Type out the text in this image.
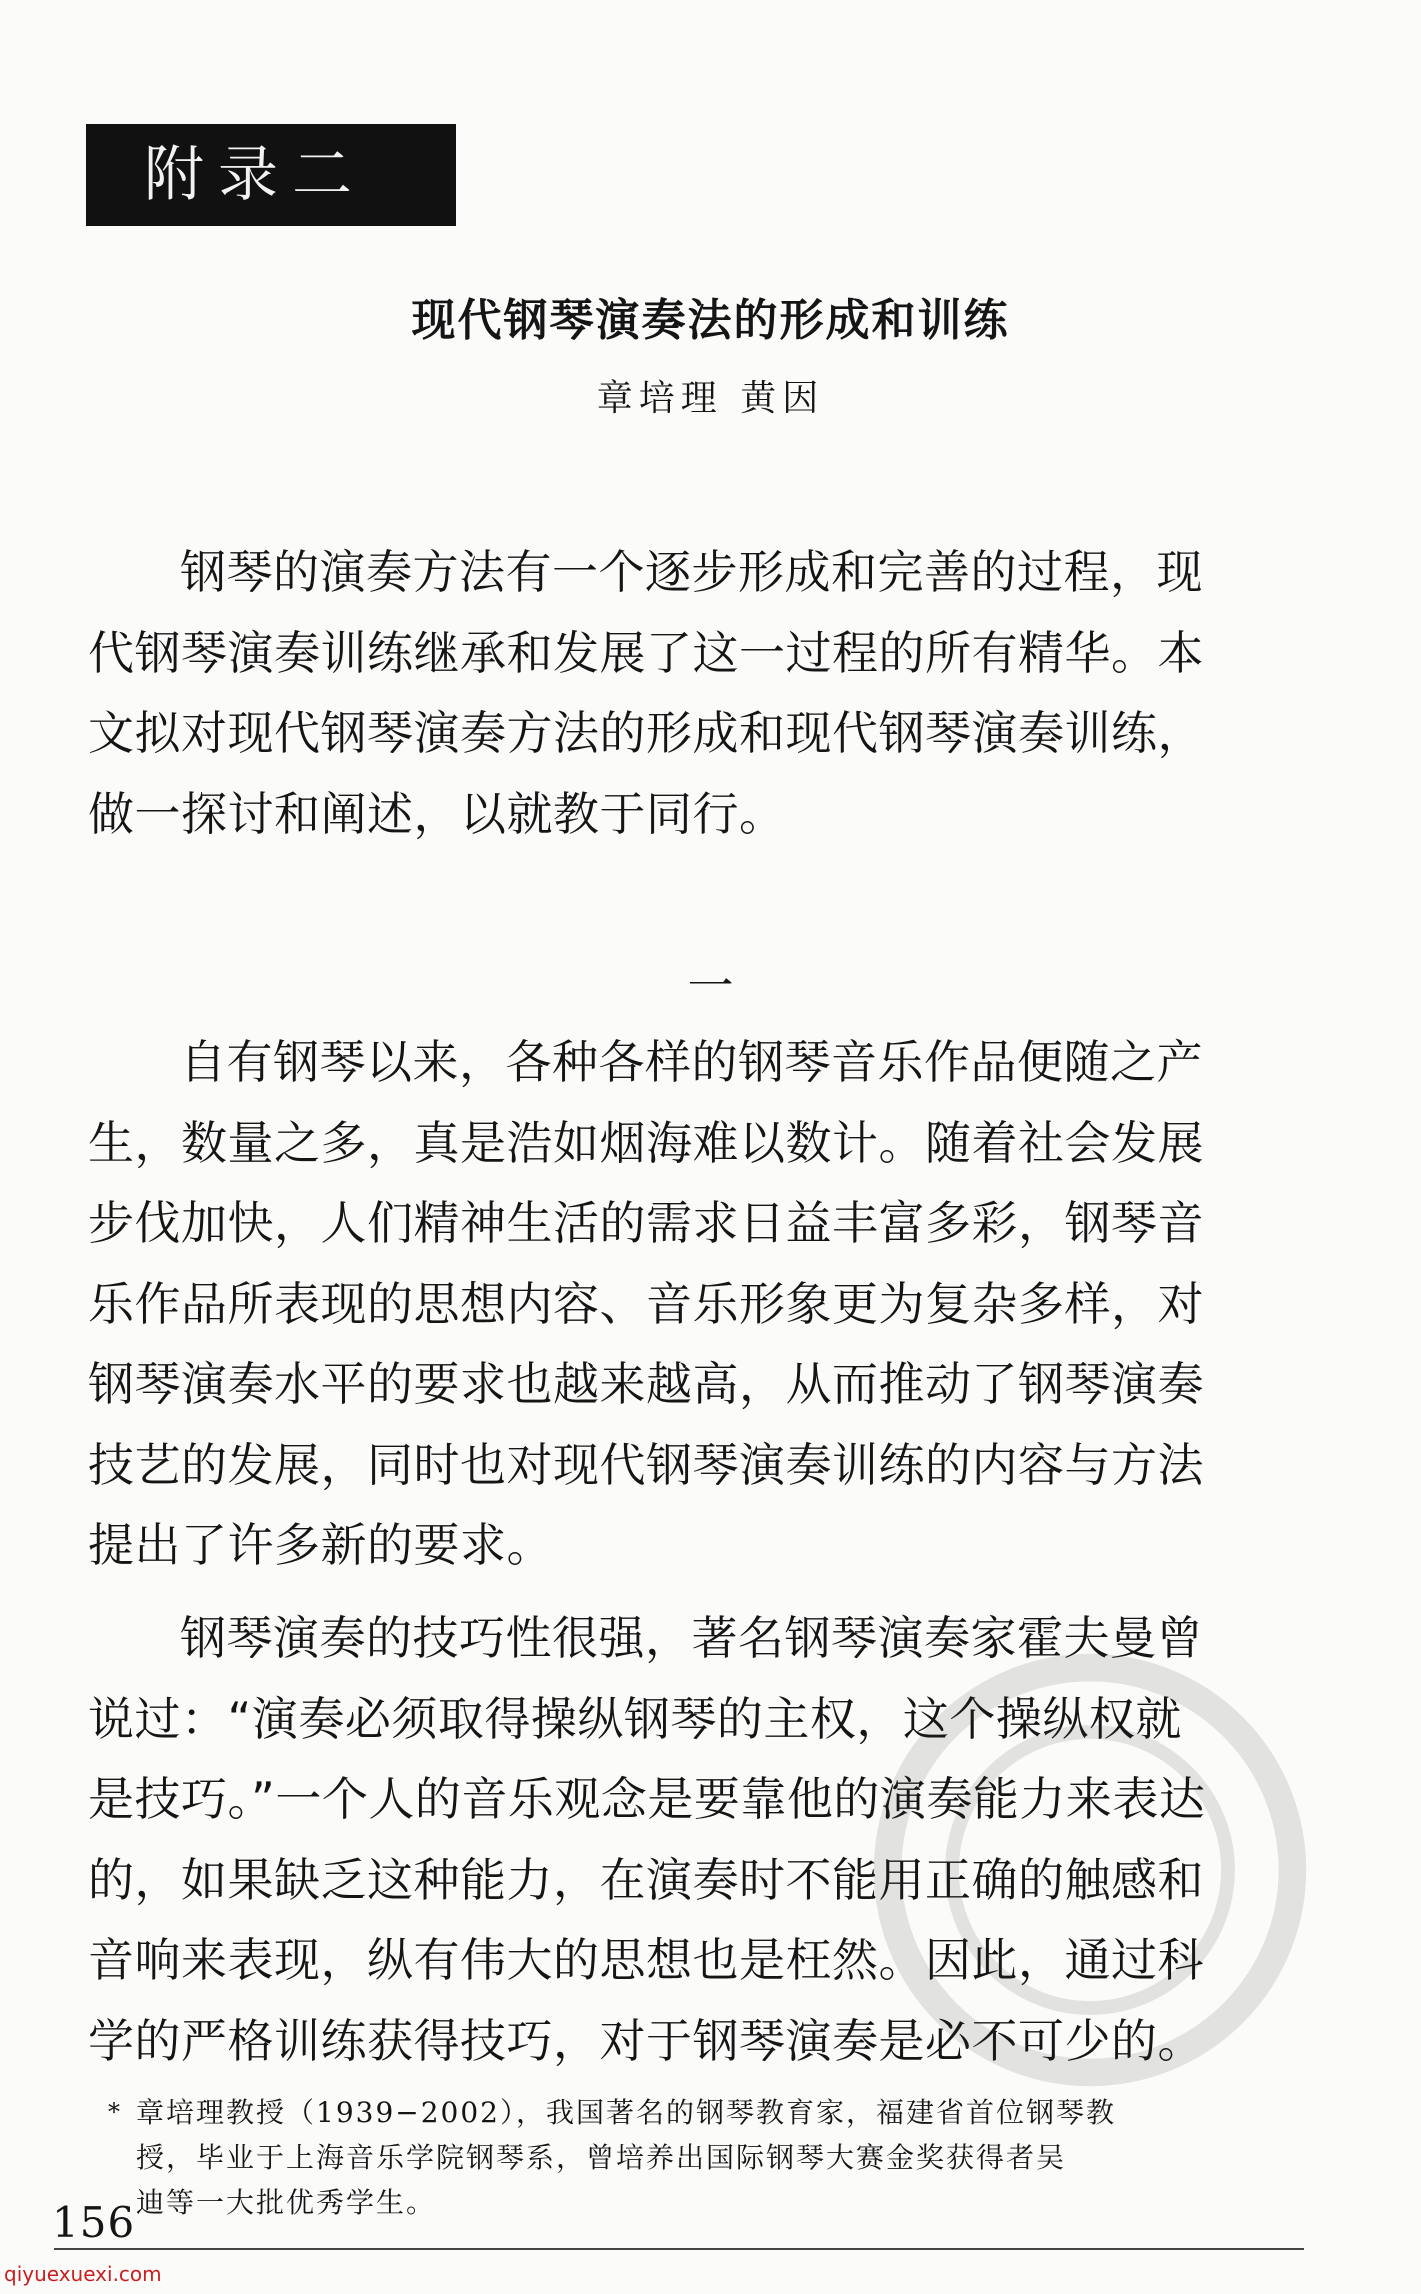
附录二
现代钢琴演奏法的形成和训练
章培理 黄因
钢琴的演奏方法有一个逐步形成和完善的过程，现
代钢琴演奏训练继承和发展了这一过程的所有精华。本
文拟对现代钢琴演奏方法的形成和现代钢琴演奏训练，
做一探讨和阐述，以就教于同行。
一
自有钢琴以来，各种各样的钢琴音乐作品便随之产
生，数量之多，真是浩如烟海难以数计。随着社会发展
步伐加快，人们精神生活的需求日益丰富多彩，钢琴音
乐作品所表现的思想内容、音乐形象更为复杂多样，对
钢琴演奏水平的要求也越来越高，从而推动了钢琴演奏
技艺的发展，同时也对现代钢琴演奏训练的内容与方法
提出了许多新的要求。
钢琴演奏的技巧性很强，著名钢琴演奏家霍夫曼曾
说过：“演奏必须取得操纵钢琴的主权，这个操纵权就
是技巧。”一个人的音乐观念是要靠他的演奏能力来表达
的，如果缺乏这种能力，在演奏时不能用正确的触感和
音响来表现，纵有伟大的思想也是枉然。因此，通过科
学的严格训练获得技巧，对于钢琴演奏是必不可少的。
* 章培理教授（1939−2002），我国著名的钢琴教育家，福建省首位钢琴教
授，毕业于上海音乐学院钢琴系，曾培养出国际钢琴大赛金奖获得者吴
迪等一大批优秀学生。
156
qiyuexuexi.com
